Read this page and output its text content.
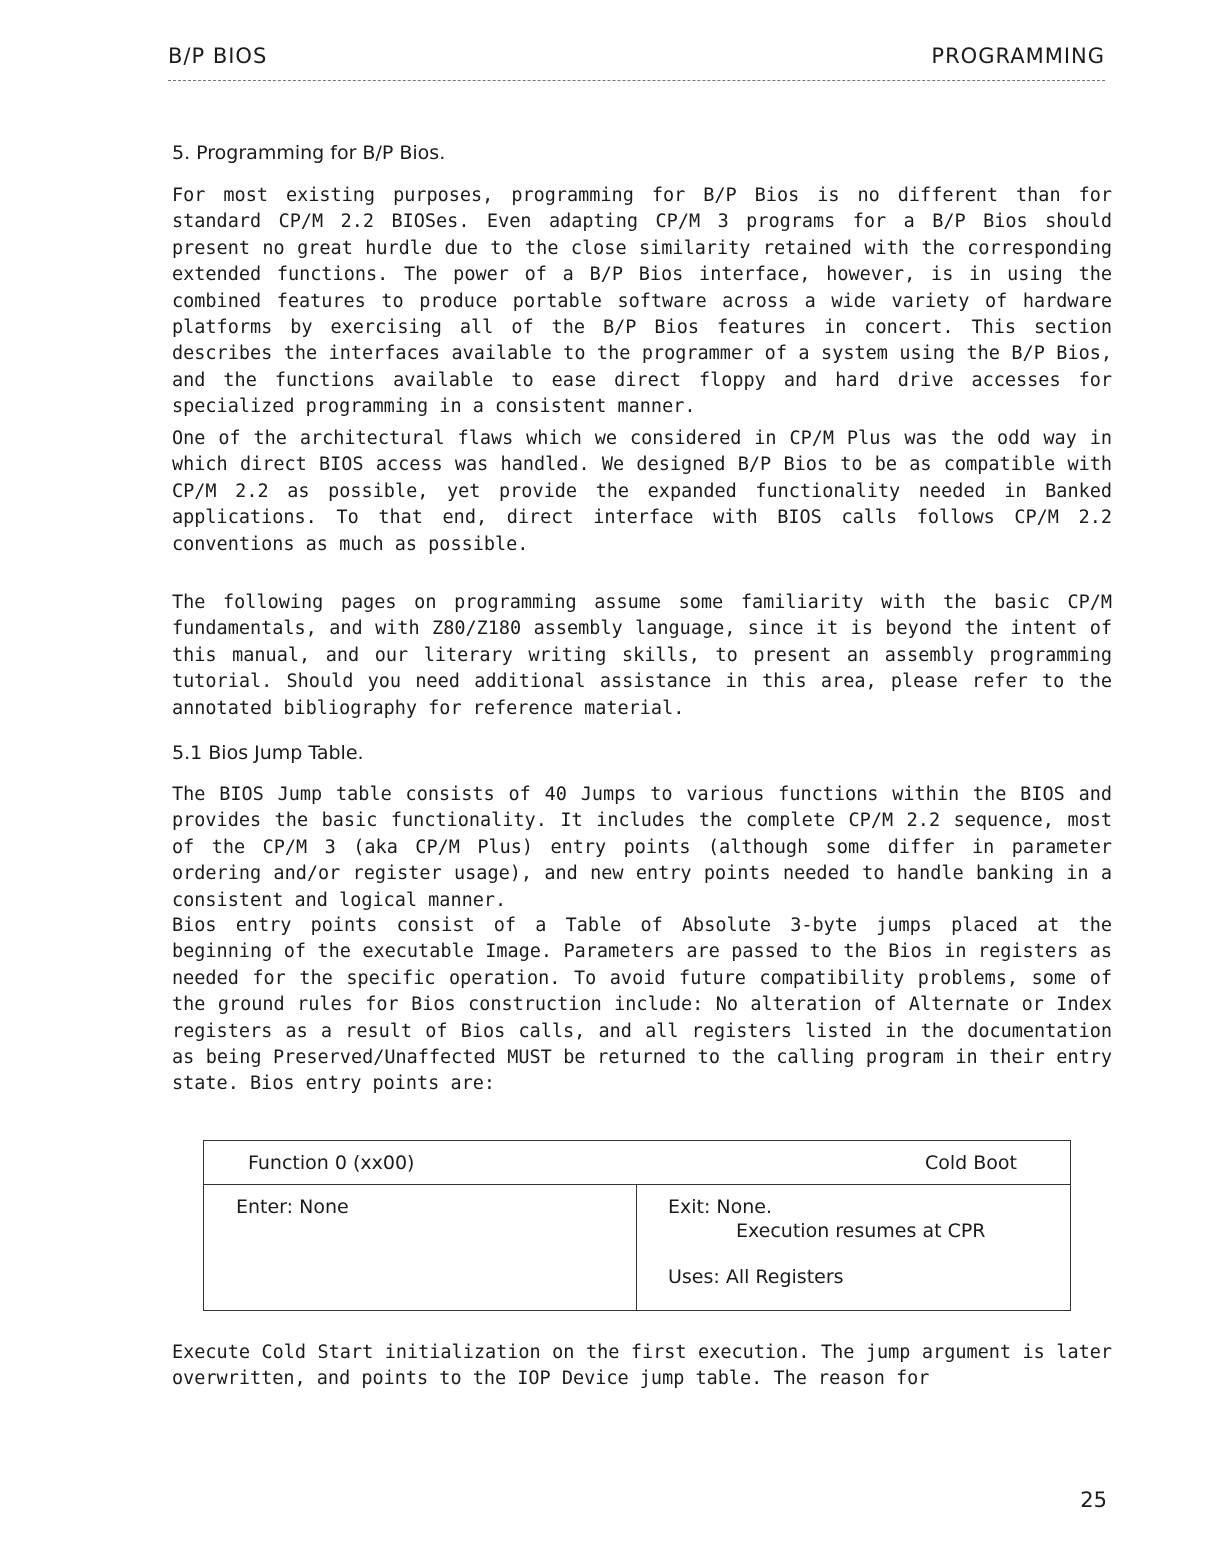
B/P BIOS	PROGRAMMING
5. Programming for B/P Bios.

For most existing purposes, programming for B/P Bios is no different than for standard CP/M 2.2 BIOSes. Even adapting CP/M 3 programs for a B/P Bios should present no great hurdle due to the close similarity retained with the corresponding extended functions. The power of a B/P Bios interface, however, is in using the combined features to produce portable software across a wide variety of hardware platforms by exercising all of the B/P Bios features in concert. This section describes the interfaces available to the programmer of a system using the B/P Bios, and the functions available to ease direct floppy and hard drive accesses for specialized programming in a consistent manner.

One of the architectural flaws which we considered in CP/M Plus was the odd way in which direct BIOS access was handled. We designed B/P Bios to be as compatible with CP/M 2.2 as possible, yet provide the expanded functionality needed in Banked applications. To that end, direct interface with BIOS calls follows CP/M 2.2 conventions as much as possible.

The following pages on programming assume some familiarity with the basic CP/M fundamentals, and with Z80/Z180 assembly language, since it is beyond the intent of this manual, and our literary writing skills, to present an assembly programming tutorial. Should you need additional assistance in this area, please refer to the annotated bibliography for reference material.

5.1 Bios Jump Table.

The BIOS Jump table consists of 40 Jumps to various functions within the BIOS and provides the basic functionality. It includes the complete CP/M 2.2 sequence, most of the CP/M 3 (aka CP/M Plus) entry points (although some differ in parameter ordering and/or register usage), and new entry points needed to handle banking in a consistent and logical manner.

Bios entry points consist of a Table of Absolute 3-byte jumps placed at the beginning of the executable Image. Parameters are passed to the Bios in registers as needed for the specific operation. To avoid future compatibility problems, some of the ground rules for Bios construction include: No alteration of Alternate or Index registers as a result of Bios calls, and all registers listed in the documentation as being Preserved/Unaffected MUST be returned to the calling program in their entry state. Bios entry points are:

Function 0 (xx00)	Cold Boot
Enter: None	Exit: None.
Execution resumes at CPR
Uses: All Registers

Execute Cold Start initialization on the first execution. The jump argument is later overwritten, and points to the IOP Device jump table. The reason for

25
